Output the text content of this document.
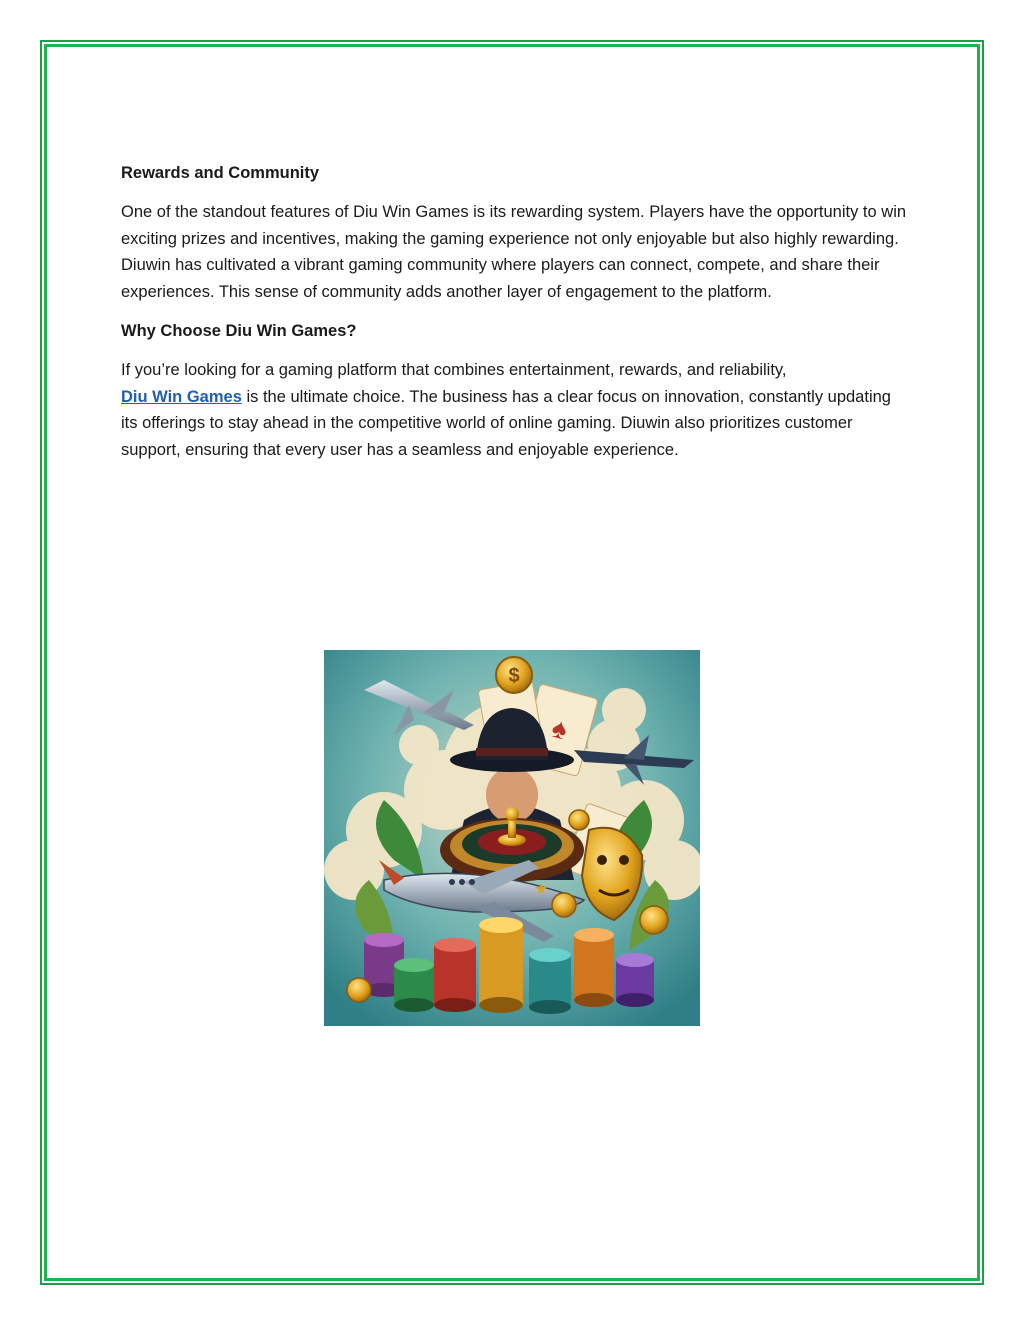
Rewards and Community

One of the standout features of Diu Win Games is its rewarding system. Players have the opportunity to win exciting prizes and incentives, making the gaming experience not only enjoyable but also highly rewarding. Diuwin has cultivated a vibrant gaming community where players can connect, compete, and share their experiences. This sense of community adds another layer of engagement to the platform.

Why Choose Diu Win Games?

If you’re looking for a gaming platform that combines entertainment, rewards, and reliability,
Diu Win Games is the ultimate choice. The business has a clear focus on innovation, constantly updating its offerings to stay ahead in the competitive world of online gaming. Diuwin also prioritizes customer support, ensuring that every user has a seamless and enjoyable experience.

♠
$
★
